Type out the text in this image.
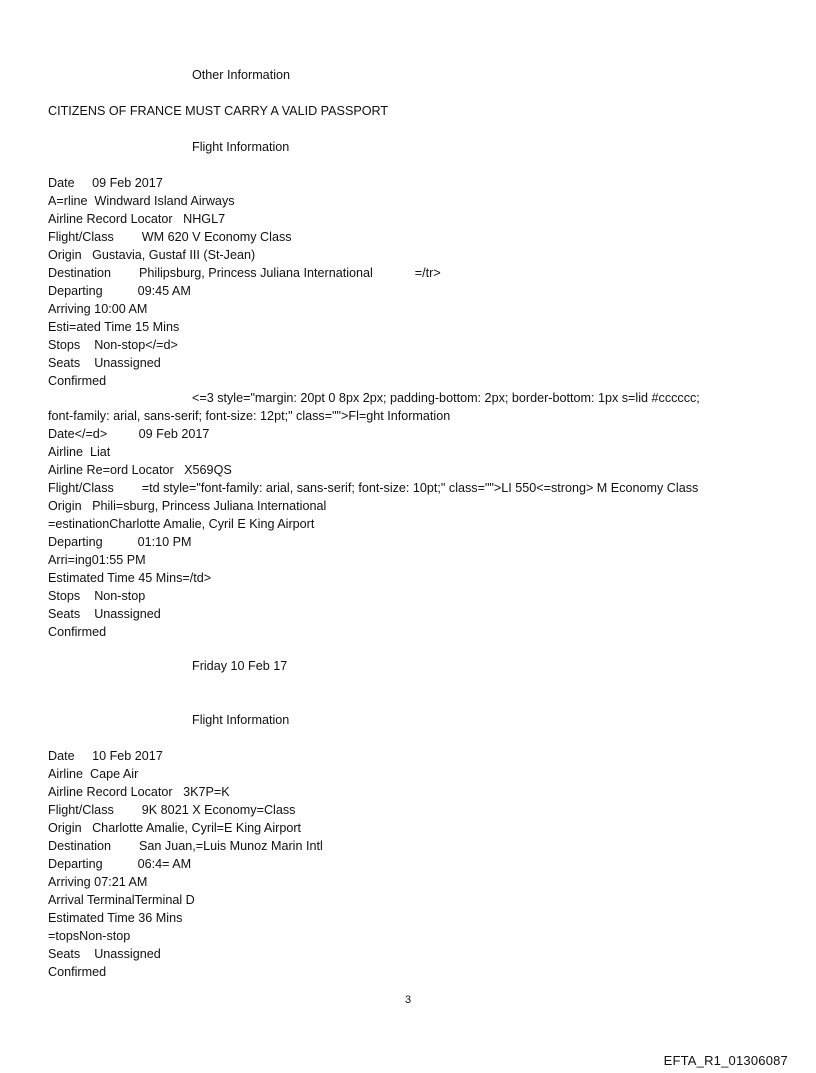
Other Information
CITIZENS OF FRANCE MUST CARRY A VALID PASSPORT
Flight Information
Date     09 Feb 2017
A=rline  Windward Island Airways
Airline Record Locator   NHGL7
Flight/Class        WM 620 V Economy Class
Origin   Gustavia, Gustaf III (St-Jean)
Destination        Philipsburg, Princess Juliana International            =/tr>
Departing          09:45 AM
Arriving 10:00 AM
Esti=ated Time 15 Mins
Stops    Non-stop</=d>
Seats    Unassigned
Confirmed
<=3 style="margin: 20pt 0 8px 2px; padding-bottom: 2px; border-bottom: 1px s=lid #cccccc;
font-family: arial, sans-serif; font-size: 12pt;" class="">Fl=ght Information
Date</=d>         09 Feb 2017
Airline  Liat
Airline Re=ord Locator   X569QS
Flight/Class        =td style="font-family: arial, sans-serif; font-size: 10pt;" class="">LI 550<=strong> M Economy Class
Origin   Phili=sburg, Princess Juliana International
=estinationCharlotte Amalie, Cyril E King Airport
Departing          01:10 PM
Arri=ing01:55 PM
Estimated Time 45 Mins=/td>
Stops    Non-stop
Seats    Unassigned
Confirmed
Friday 10 Feb 17
Flight Information
Date     10 Feb 2017
Airline  Cape Air
Airline Record Locator   3K7P=K
Flight/Class        9K 8021 X Economy=Class
Origin   Charlotte Amalie, Cyril=E King Airport
Destination        San Juan,=Luis Munoz Marin Intl
Departing          06:4= AM
Arriving 07:21 AM
Arrival TerminalTerminal D
Estimated Time 36 Mins
=topsNon-stop
Seats    Unassigned
Confirmed
3
EFTA_R1_01306087
